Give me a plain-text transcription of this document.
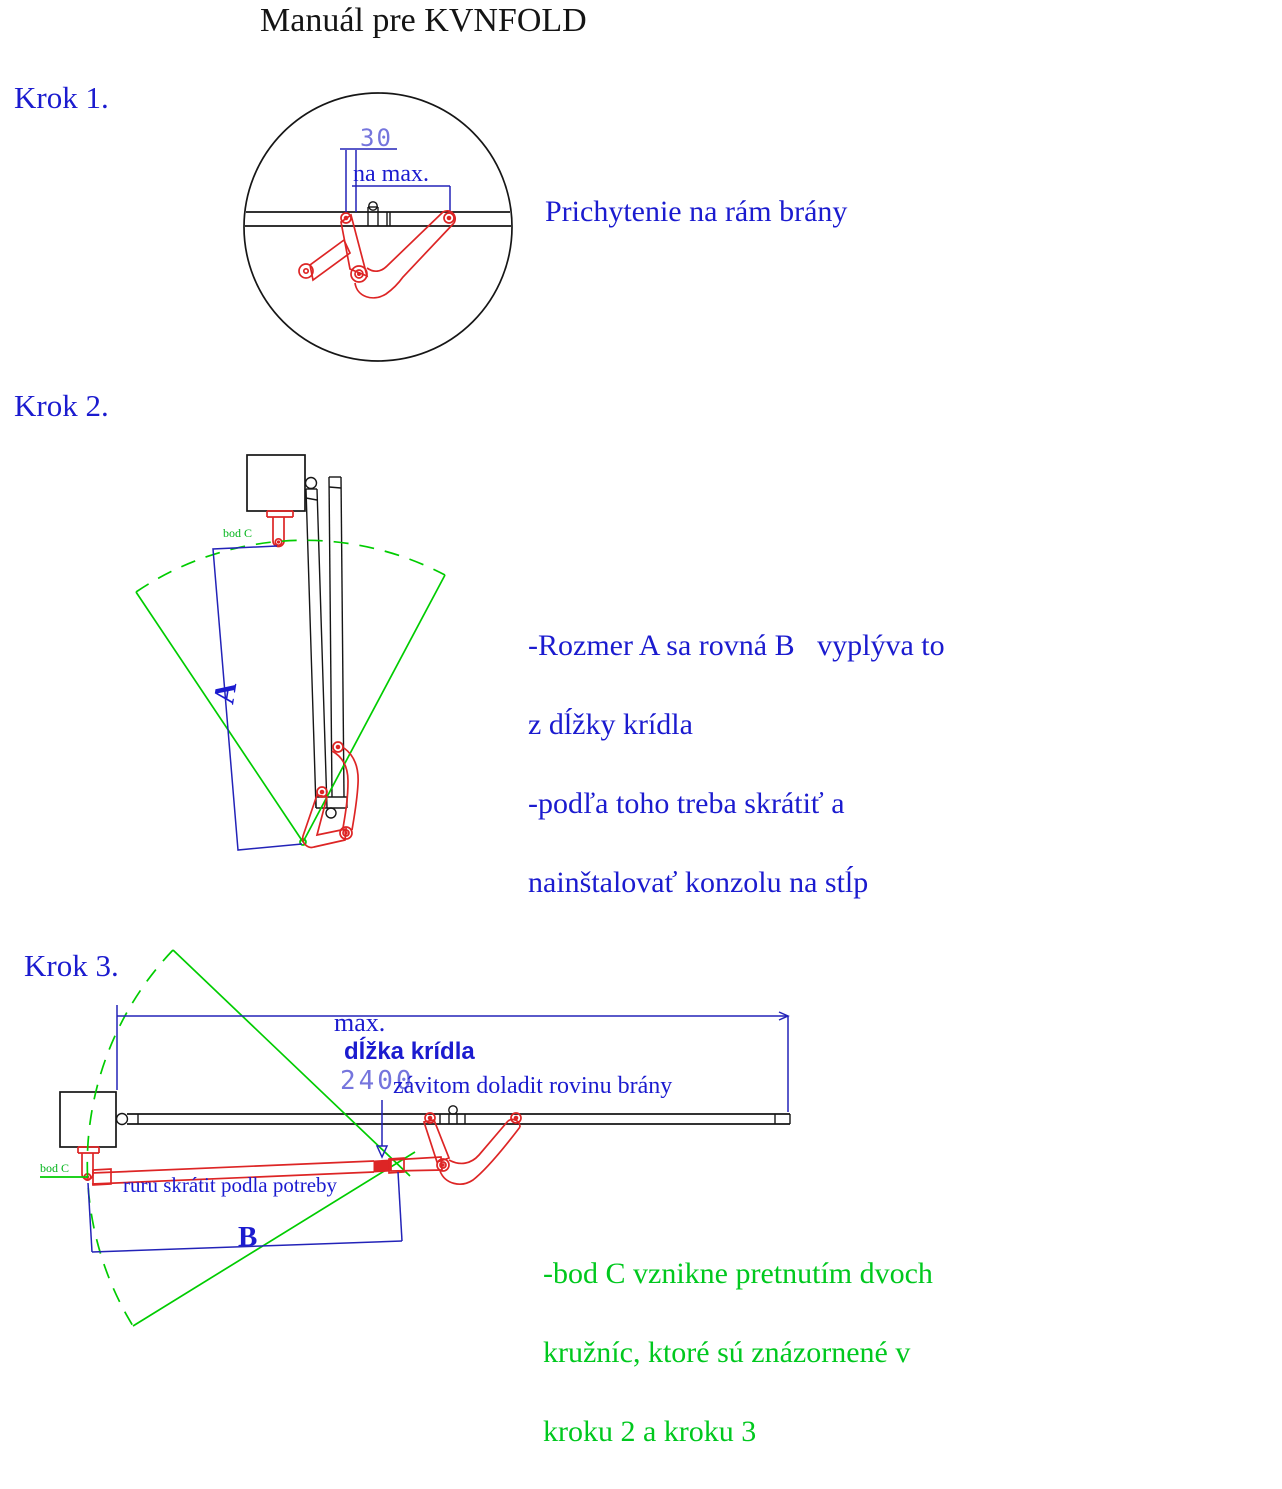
Manuál pre KVNFOLD
Krok 1.
30
na max.
Prichytenie na rám brány
Krok 2.
bod C
A

-Rozmer A sa rovná B   vyplýva to

z dĺžky krídla

-podľa toho treba skrátiť a

nainštalovať konzolu na stĺp

Krok 3.

max.
dĺžka krídla
2400

závitom doladit rovinu brány
bod C
ruru skrátit podla potreby
B

-bod C vznikne pretnutím dvoch

kružníc, ktoré sú znázornené v

kroku 2 a kroku 3
